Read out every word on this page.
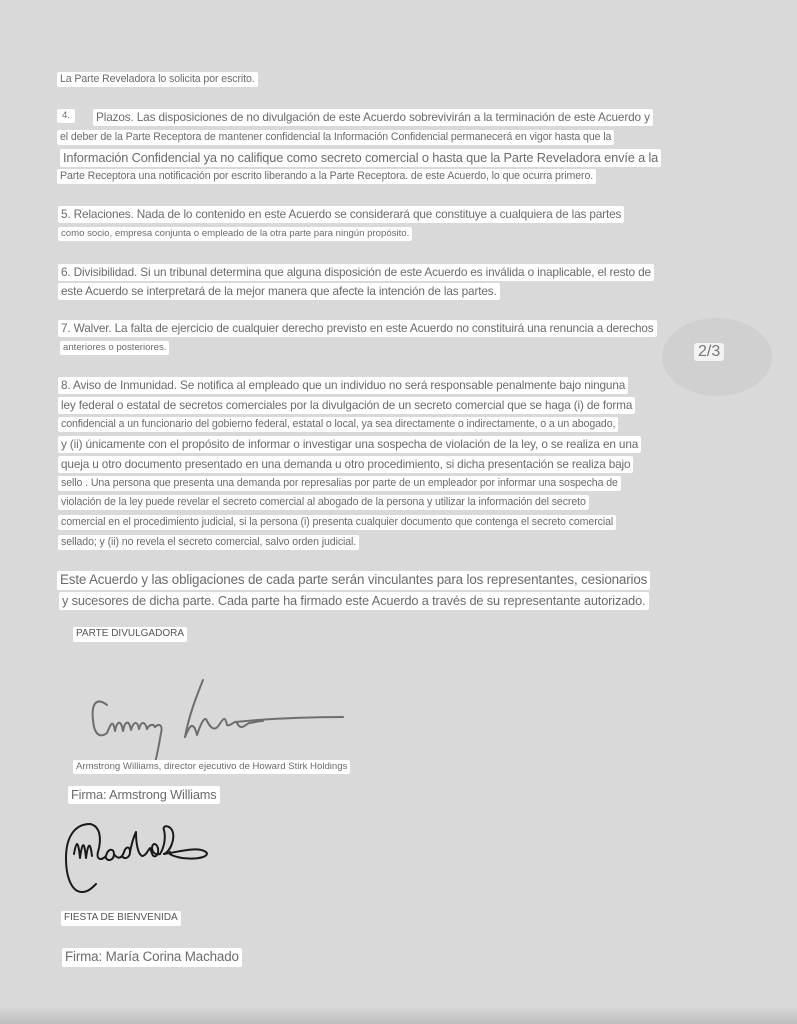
La Parte Reveladora lo solicita por escrito.
4.	Plazos. Las disposiciones de no divulgación de este Acuerdo sobrevivirán a la terminación de este Acuerdo y
el deber de la Parte Receptora de mantener confidencial la Información Confidencial permanecerá en vigor hasta que la
Información Confidencial ya no califique como secreto comercial o hasta que la Parte Reveladora envíe a la
Parte Receptora una notificación por escrito liberando a la Parte Receptora. de este Acuerdo, lo que ocurra primero.
5. Relaciones. Nada de lo contenido en este Acuerdo se considerará que constituye a cualquiera de las partes
como socio, empresa conjunta o empleado de la otra parte para ningún propósito.
6. Divisibilidad. Si un tribunal determina que alguna disposición de este Acuerdo es inválida o inaplicable, el resto de
este Acuerdo se interpretará de la mejor manera que afecte la intención de las partes.
7. Walver. La falta de ejercicio de cualquier derecho previsto en este Acuerdo no constituirá una renuncia a derechos
anteriores o posteriores.	2/3
8. Aviso de Inmunidad. Se notifica al empleado que un individuo no será responsable penalmente bajo ninguna
ley federal o estatal de secretos comerciales por la divulgación de un secreto comercial que se haga (i) de forma
confidencial a un funcionario del gobierno federal, estatal o local, ya sea directamente o indirectamente, o a un abogado,
y (ii) únicamente con el propósito de informar o investigar una sospecha de violación de la ley, o se realiza en una
queja u otro documento presentado en una demanda u otro procedimiento, si dicha presentación se realiza bajo
sello . Una persona que presenta una demanda por represalias por parte de un empleador por informar una sospecha de
violación de la ley puede revelar el secreto comercial al abogado de la persona y utilizar la información del secreto
comercial en el procedimiento judicial, si la persona (i) presenta cualquier documento que contenga el secreto comercial
sellado; y (ii) no revela el secreto comercial, salvo orden judicial.
Este Acuerdo y las obligaciones de cada parte serán vinculantes para los representantes, cesionarios
y sucesores de dicha parte. Cada parte ha firmado este Acuerdo a través de su representante autorizado.
PARTE DIVULGADORA
Armstrong Williams, director ejecutivo de Howard Stirk Holdings
Firma: Armstrong Williams
FIESTA DE BIENVENIDA
Firma: María Corina Machado
